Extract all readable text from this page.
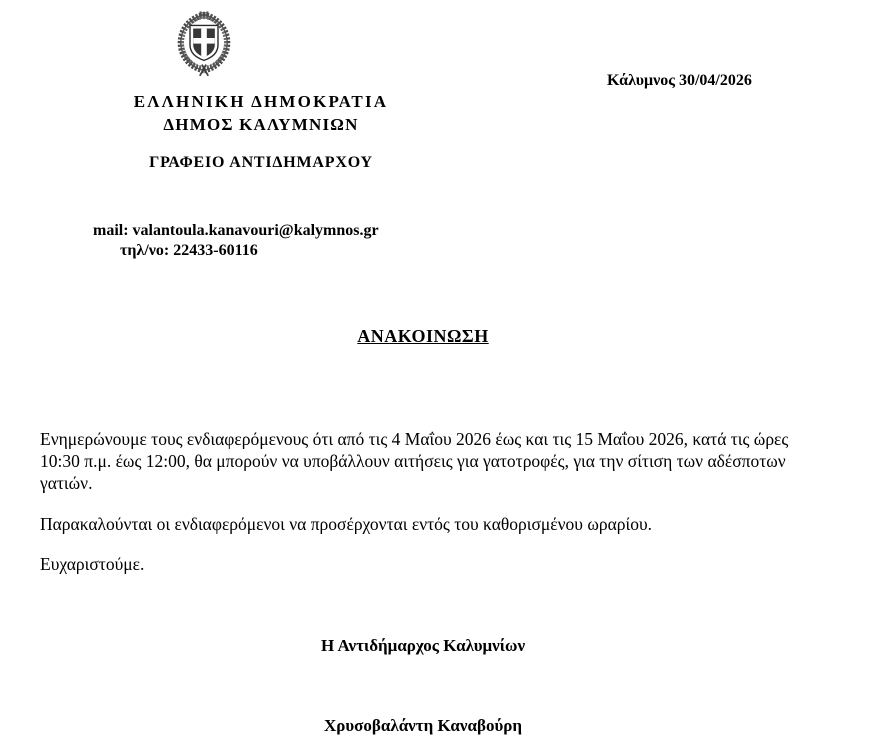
Κάλυμνος 30/04/2026
ΕΛΛΗΝΙΚΗ ΔΗΜΟΚΡΑΤΙΑ
ΔΗΜΟΣ ΚΑΛΥΜΝΙΩΝ
ΓΡΑΦΕΙΟ ΑΝΤΙΔΗΜΑΡΧΟΥ
mail: valantoula.kanavouri@kalymnos.gr
τηλ/νο: 22433-60116
ΑΝΑΚΟΙΝΩΣΗ
Ενημερώνουμε τους ενδιαφερόμενους ότι από τις 4 Μαΐου 2026 έως και τις 15 Μαΐου 2026, κατά τις ώρες
10:30 π.μ. έως 12:00, θα μπορούν να υποβάλλουν αιτήσεις για γατοτροφές, για την σίτιση των αδέσποτων
γατιών.
Παρακαλούνται οι ενδιαφερόμενοι να προσέρχονται εντός του καθορισμένου ωραρίου.
Ευχαριστούμε.
Η Αντιδήμαρχος Καλυμνίων
Χρυσοβαλάντη Καναβούρη
